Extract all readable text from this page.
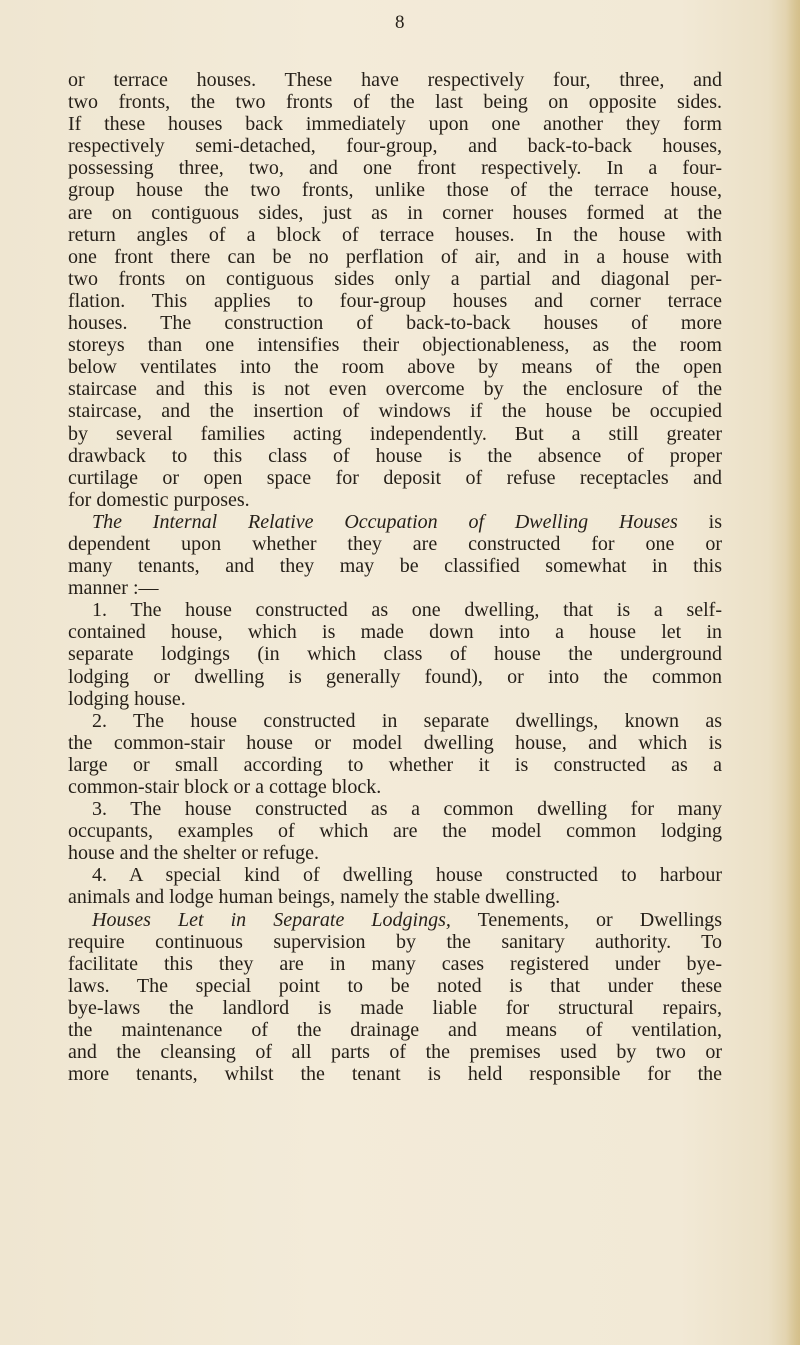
8
or terrace houses. These have respectively four, three, and
two fronts, the two fronts of the last being on opposite sides.
If these houses back immediately upon one another they form
respectively semi-detached, four-group, and back-to-back houses,
possessing three, two, and one front respectively. In a four-
group house the two fronts, unlike those of the terrace house,
are on contiguous sides, just as in corner houses formed at the
return angles of a block of terrace houses. In the house with
one front there can be no perflation of air, and in a house with
two fronts on contiguous sides only a partial and diagonal per-
flation. This applies to four-group houses and corner terrace
houses. The construction of back-to-back houses of more
storeys than one intensifies their objectionableness, as the room
below ventilates into the room above by means of the open
staircase and this is not even overcome by the enclosure of the
staircase, and the insertion of windows if the house be occupied
by several families acting independently. But a still greater
drawback to this class of house is the absence of proper
curtilage or open space for deposit of refuse receptacles and
for domestic purposes.
The Internal Relative Occupation of Dwelling Houses is
dependent upon whether they are constructed for one or
many tenants, and they may be classified somewhat in this
manner :—
1. The house constructed as one dwelling, that is a self-
contained house, which is made down into a house let in
separate lodgings (in which class of house the underground
lodging or dwelling is generally found), or into the common
lodging house.
2. The house constructed in separate dwellings, known as
the common-stair house or model dwelling house, and which is
large or small according to whether it is constructed as a
common-stair block or a cottage block.
3. The house constructed as a common dwelling for many
occupants, examples of which are the model common lodging
house and the shelter or refuge.
4. A special kind of dwelling house constructed to harbour
animals and lodge human beings, namely the stable dwelling.
Houses Let in Separate Lodgings, Tenements, or Dwellings
require continuous supervision by the sanitary authority. To
facilitate this they are in many cases registered under bye-
laws. The special point to be noted is that under these
bye-laws the landlord is made liable for structural repairs,
the maintenance of the drainage and means of ventilation,
and the cleansing of all parts of the premises used by two or
more tenants, whilst the tenant is held responsible for the
